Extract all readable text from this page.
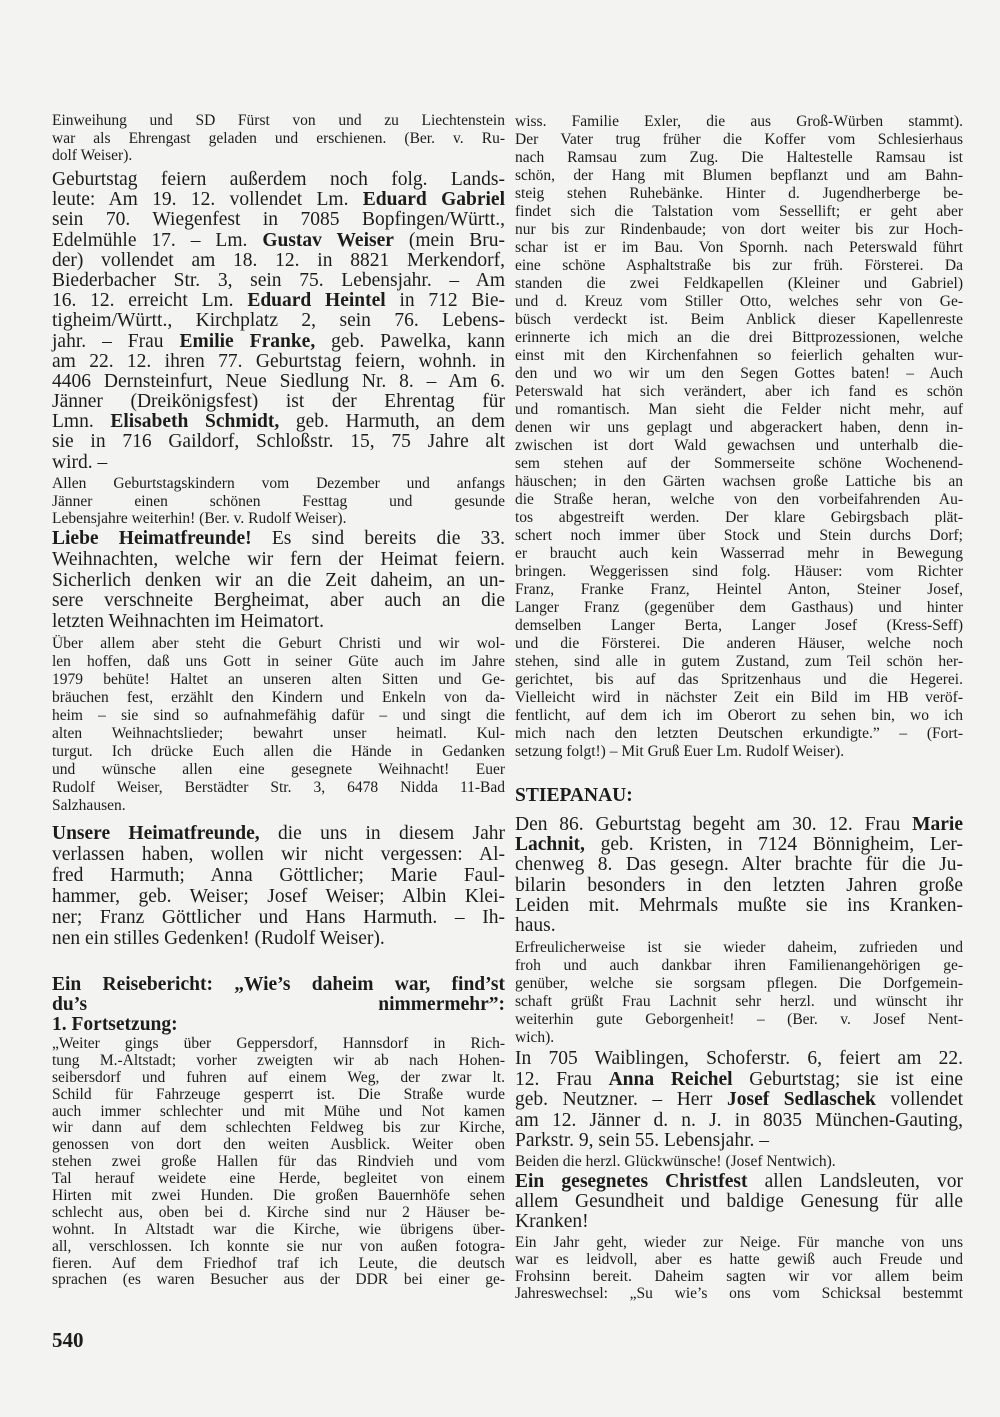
Einweihung und SD Fürst von und zu Liechtenstein
war als Ehrengast geladen und erschienen. (Ber. v. Ru-
dolf Weiser).
Geburtstag feiern außerdem noch folg. Lands-
leute: Am 19. 12. vollendet Lm. Eduard Gabriel
sein 70. Wiegenfest in 7085 Bopfingen/Württ.,
Edelmühle 17. – Lm. Gustav Weiser (mein Bru-
der) vollendet am 18. 12. in 8821 Merkendorf,
Biederbacher Str. 3, sein 75. Lebensjahr. – Am
16. 12. erreicht Lm. Eduard Heintel in 712 Bie-
tigheim/Württ., Kirchplatz 2, sein 76. Lebens-
jahr. – Frau Emilie Franke, geb. Pawelka, kann
am 22. 12. ihren 77. Geburtstag feiern, wohnh. in
4406 Dernsteinfurt, Neue Siedlung Nr. 8. – Am 6.
Jänner (Dreikönigsfest) ist der Ehrentag für
Lmn. Elisabeth Schmidt, geb. Harmuth, an dem
sie in 716 Gaildorf, Schloßstr. 15, 75 Jahre alt
wird. –
Allen Geburtstagskindern vom Dezember und anfangs
Jänner einen schönen Festtag und gesunde
Lebensjahre weiterhin! (Ber. v. Rudolf Weiser).
Liebe Heimatfreunde! Es sind bereits die 33.
Weihnachten, welche wir fern der Heimat feiern.
Sicherlich denken wir an die Zeit daheim, an un-
sere verschneite Bergheimat, aber auch an die
letzten Weihnachten im Heimatort.
Über allem aber steht die Geburt Christi und wir wol-
len hoffen, daß uns Gott in seiner Güte auch im Jahre
1979 behüte! Haltet an unseren alten Sitten und Ge-
bräuchen fest, erzählt den Kindern und Enkeln von da-
heim – sie sind so aufnahmefähig dafür – und singt die
alten Weihnachtslieder; bewahrt unser heimatl. Kul-
turgut. Ich drücke Euch allen die Hände in Gedanken
und wünsche allen eine gesegnete Weihnacht! Euer
Rudolf Weiser, Berstädter Str. 3, 6478 Nidda 11-Bad
Salzhausen.
Unsere Heimatfreunde, die uns in diesem Jahr
verlassen haben, wollen wir nicht vergessen: Al-
fred Harmuth; Anna Göttlicher; Marie Faul-
hammer, geb. Weiser; Josef Weiser; Albin Klei-
ner; Franz Göttlicher und Hans Harmuth. – Ih-
nen ein stilles Gedenken! (Rudolf Weiser).
Ein Reisebericht: „Wie’s daheim war, find’st
du’s nimmermehr”:
1. Fortsetzung:
„Weiter gings über Geppersdorf, Hannsdorf in Rich-
tung M.-Altstadt; vorher zweigten wir ab nach Hohen-
seibersdorf und fuhren auf einem Weg, der zwar lt.
Schild für Fahrzeuge gesperrt ist. Die Straße wurde
auch immer schlechter und mit Mühe und Not kamen
wir dann auf dem schlechten Feldweg bis zur Kirche,
genossen von dort den weiten Ausblick. Weiter oben
stehen zwei große Hallen für das Rindvieh und vom
Tal herauf weidete eine Herde, begleitet von einem
Hirten mit zwei Hunden. Die großen Bauernhöfe sehen
schlecht aus, oben bei d. Kirche sind nur 2 Häuser be-
wohnt. In Altstadt war die Kirche, wie übrigens über-
all, verschlossen. Ich konnte sie nur von außen fotogra-
fieren. Auf dem Friedhof traf ich Leute, die deutsch
sprachen (es waren Besucher aus der DDR bei einer ge-
wiss. Familie Exler, die aus Groß-Würben stammt).
Der Vater trug früher die Koffer vom Schlesierhaus
nach Ramsau zum Zug. Die Haltestelle Ramsau ist
schön, der Hang mit Blumen bepflanzt und am Bahn-
steig stehen Ruhebänke. Hinter d. Jugendherberge be-
findet sich die Talstation vom Sessellift; er geht aber
nur bis zur Rindenbaude; von dort weiter bis zur Hoch-
schar ist er im Bau. Von Spornh. nach Peterswald führt
eine schöne Asphaltstraße bis zur früh. Försterei. Da
standen die zwei Feldkapellen (Kleiner und Gabriel)
und d. Kreuz vom Stiller Otto, welches sehr von Ge-
büsch verdeckt ist. Beim Anblick dieser Kapellenreste
erinnerte ich mich an die drei Bittprozessionen, welche
einst mit den Kirchenfahnen so feierlich gehalten wur-
den und wo wir um den Segen Gottes baten! – Auch
Peterswald hat sich verändert, aber ich fand es schön
und romantisch. Man sieht die Felder nicht mehr, auf
denen wir uns geplagt und abgerackert haben, denn in-
zwischen ist dort Wald gewachsen und unterhalb die-
sem stehen auf der Sommerseite schöne Wochenend-
häuschen; in den Gärten wachsen große Lattiche bis an
die Straße heran, welche von den vorbeifahrenden Au-
tos abgestreift werden. Der klare Gebirgsbach plät-
schert noch immer über Stock und Stein durchs Dorf;
er braucht auch kein Wasserrad mehr in Bewegung
bringen. Weggerissen sind folg. Häuser: vom Richter
Franz, Franke Franz, Heintel Anton, Steiner Josef,
Langer Franz (gegenüber dem Gasthaus) und hinter
demselben Langer Berta, Langer Josef (Kress-Seff)
und die Försterei. Die anderen Häuser, welche noch
stehen, sind alle in gutem Zustand, zum Teil schön her-
gerichtet, bis auf das Spritzenhaus und die Hegerei.
Vielleicht wird in nächster Zeit ein Bild im HB veröf-
fentlicht, auf dem ich im Oberort zu sehen bin, wo ich
mich nach den letzten Deutschen erkundigte.” – (Fort-
setzung folgt!) – Mit Gruß Euer Lm. Rudolf Weiser).
STIEPANAU:
Den 86. Geburtstag begeht am 30. 12. Frau Marie
Lachnit, geb. Kristen, in 7124 Bönnigheim, Ler-
chenweg 8. Das gesegn. Alter brachte für die Ju-
bilarin besonders in den letzten Jahren große
Leiden mit. Mehrmals mußte sie ins Kranken-
haus.
Erfreulicherweise ist sie wieder daheim, zufrieden und
froh und auch dankbar ihren Familienangehörigen ge-
genüber, welche sie sorgsam pflegen. Die Dorfgemein-
schaft grüßt Frau Lachnit sehr herzl. und wünscht ihr
weiterhin gute Geborgenheit! – (Ber. v. Josef Nent-
wich).
In 705 Waiblingen, Schoferstr. 6, feiert am 22.
12. Frau Anna Reichel Geburtstag; sie ist eine
geb. Neutzner. – Herr Josef Sedlaschek vollendet
am 12. Jänner d. n. J. in 8035 München-Gauting,
Parkstr. 9, sein 55. Lebensjahr. –
Beiden die herzl. Glückwünsche! (Josef Nentwich).
Ein gesegnetes Christfest allen Landsleuten, vor
allem Gesundheit und baldige Genesung für alle
Kranken!
Ein Jahr geht, wieder zur Neige. Für manche von uns
war es leidvoll, aber es hatte gewiß auch Freude und
Frohsinn bereit. Daheim sagten wir vor allem beim
Jahreswechsel: „Su wie’s ons vom Schicksal bestemmt
540
